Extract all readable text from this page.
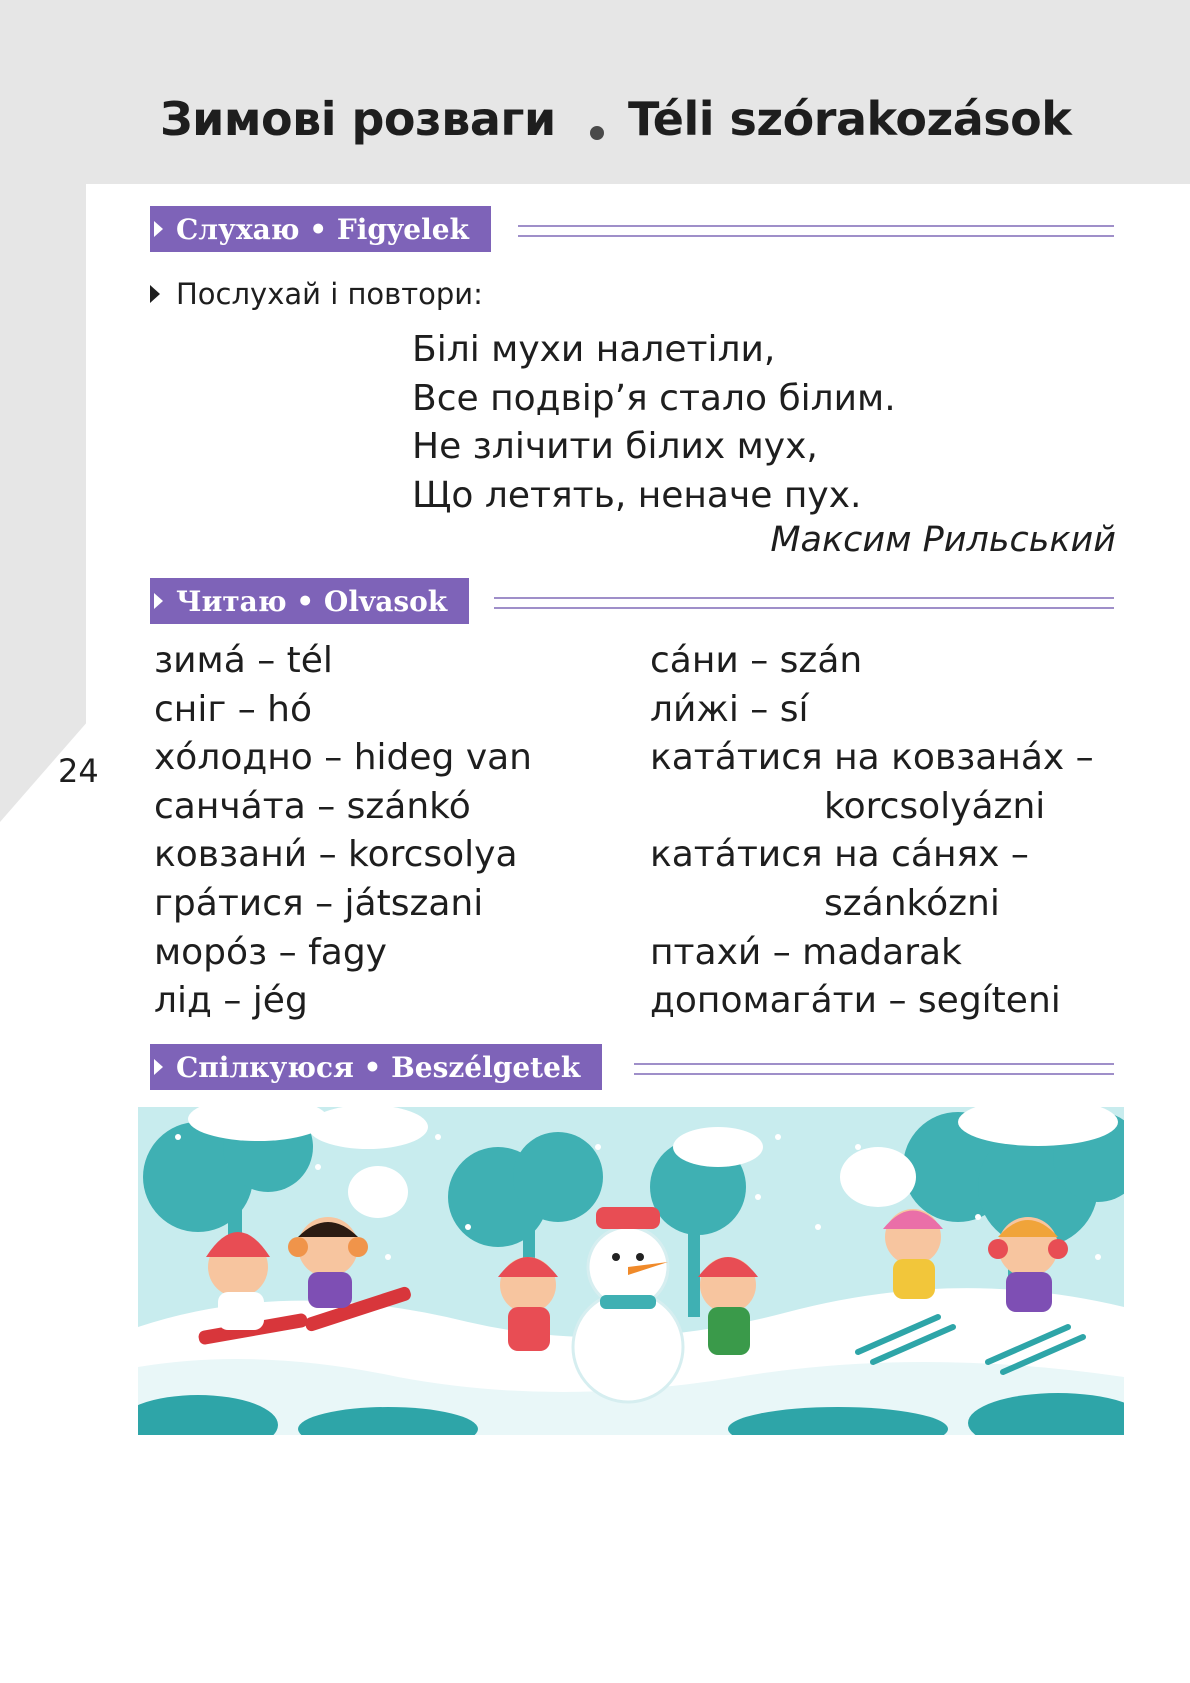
24
Зимові розваги Téli szórakozások
Слухаю • Figyelek
Послухай і повтори:
Білі мухи налетіли,
Все подвір’я стало білим.
Не злічити білих мух,
Що летять, неначе пух.
Максим Рильський
Читаю • Olvasok
зима́ – tél
сніг – hó
хо́лодно – hideg van
санча́та – szánkó
ковзани́ – korcsolya
гра́тися – játszani
моро́з – fagy
лід – jég
са́ни – szán
ли́жі – sí
ката́тися на ковзана́х –
korcsolyázni
ката́тися на са́нях –
szánkózni
птахи́ – madarak
допомага́ти – segíteni
Спілкуюся • Beszélgetek
